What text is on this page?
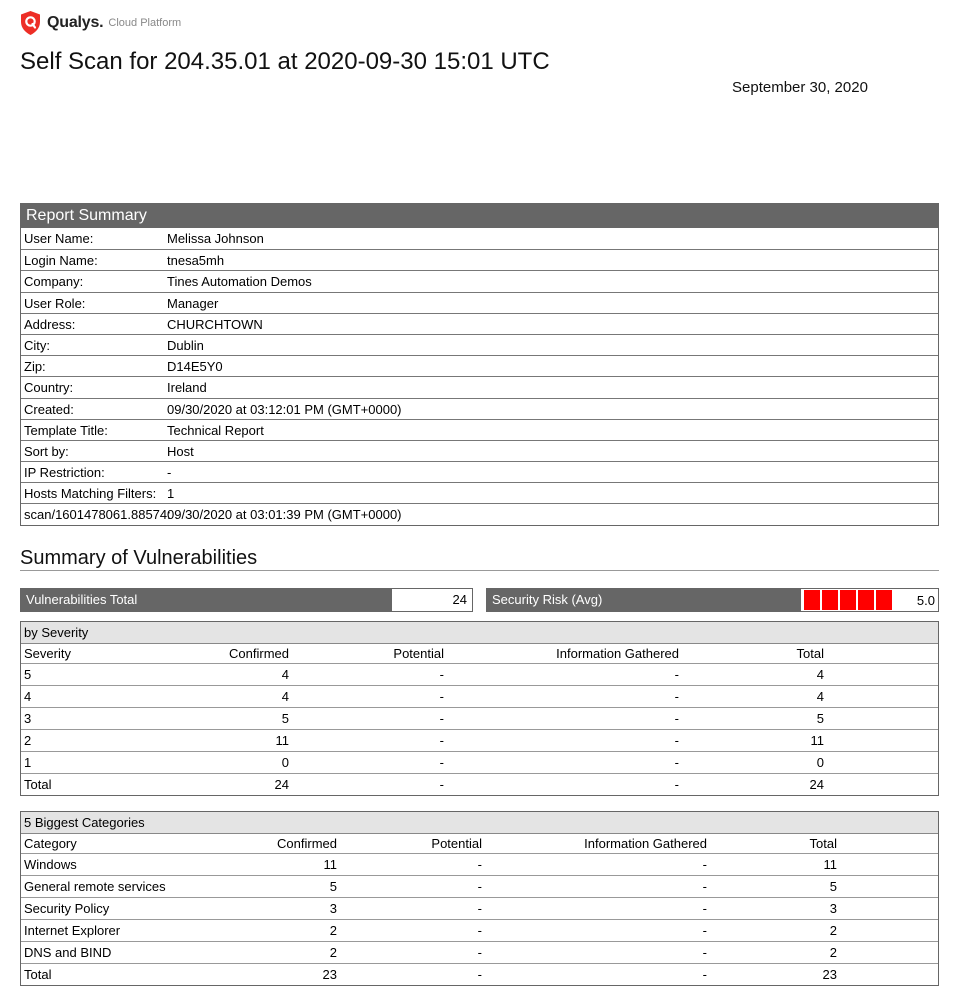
Qualys. Cloud Platform
Self Scan for 204.35.01 at 2020-09-30 15:01 UTC
September 30, 2020
Report Summary
User Name:	Melissa Johnson
Login Name:	tnesa5mh
Company:	Tines Automation Demos
User Role:	Manager
Address:	CHURCHTOWN
City:	Dublin
Zip:	D14E5Y0
Country:	Ireland
Created:	09/30/2020 at 03:12:01 PM (GMT+0000)
Template Title:	Technical Report
Sort by:	Host
IP Restriction:	-
Hosts Matching Filters: 1
scan/1601478061.88574:
09/30/2020 at 03:01:39 PM (GMT+0000)
Summary of Vulnerabilities
Vulnerabilities Total	24	Security Risk (Avg)	5.0
by Severity
Severity	Confirmed	Potential	Information Gathered	Total
5	4	-	-	4
4	4	-	-	4
3	5	-	-	5
2	11	-	-	11
1	0	-	-	0
Total	24	-	-	24
5 Biggest Categories
Category	Confirmed	Potential	Information Gathered	Total
Windows	11	-	-	11
General remote services	5	-	-	5
Security Policy	3	-	-	3
Internet Explorer	2	-	-	2
DNS and BIND	2	-	-	2
Total	23	-	-	23
